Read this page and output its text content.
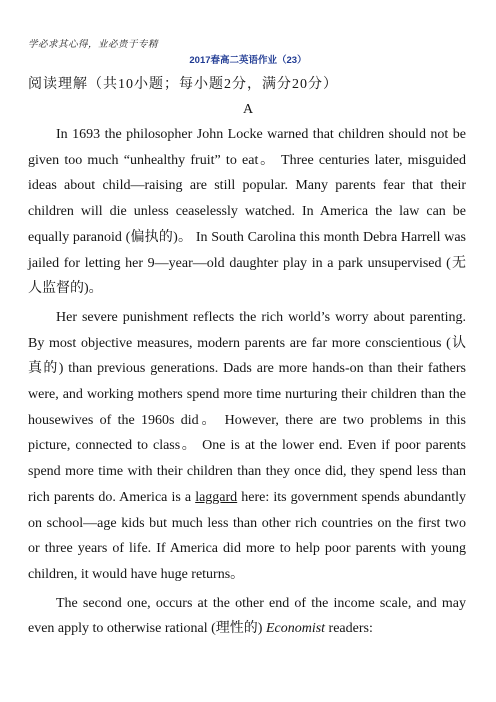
学必求其心得，业必贵于专精
2017春高二英语作业（23）
阅读理解（共10小题；每小题2分，满分20分）
A

In 1693 the philosopher John Locke warned that children should not be given too much “unhealthy fruit” to eat。 Three centuries later, misguided ideas about child—raising are still popular. Many parents fear that their children will die unless ceaselessly watched. In America the law can be equally paranoid (偏执的)。 In South Carolina this month Debra Harrell was jailed for letting her 9—year—old daughter play in a park unsupervised (无人监督的)。

Her severe punishment reflects the rich world’s worry about parenting. By most objective measures, modern parents are far more conscientious (认真的) than previous generations. Dads are more hands-on than their fathers were, and working mothers spend more time nurturing their children than the housewives of the 1960s did。 However, there are two problems in this picture, connected to class。 One is at the lower end. Even if poor parents spend more time with their children than they once did, they spend less than rich parents do. America is a laggard here: its government spends abundantly on school—age kids but much less than other rich countries on the first two or three years of life. If America did more to help poor parents with young children, it would have huge returns。

The second one, occurs at the other end of the income scale, and may even apply to otherwise rational (理性的) Economist readers:
